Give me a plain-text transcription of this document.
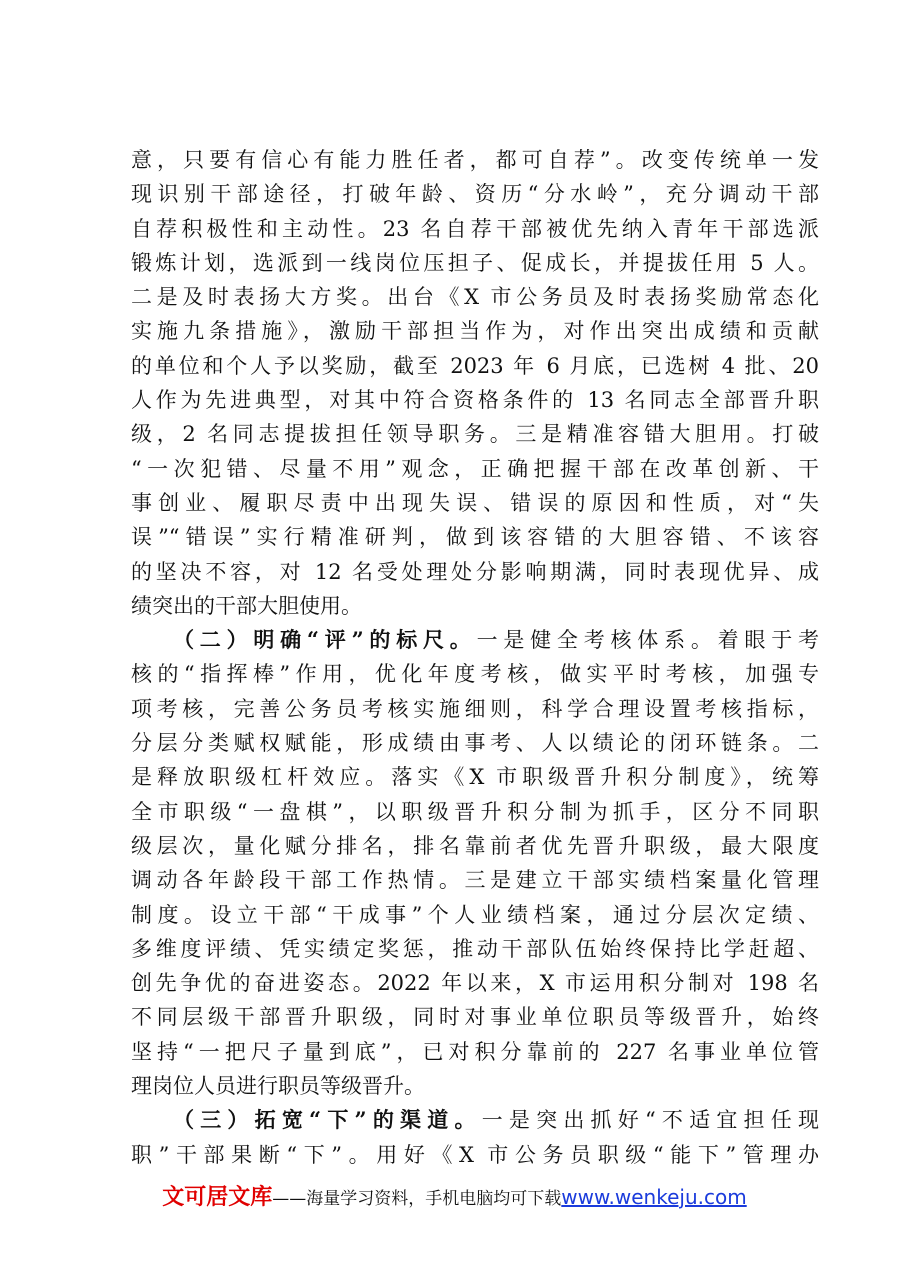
意，只要有信心有能力胜任者，都可自荐”。改变传统单一发
现识别干部途径，打破年龄、资历“分水岭”，充分调动干部
自荐积极性和主动性。23 名自荐干部被优先纳入青年干部选派
锻炼计划，选派到一线岗位压担子、促成长，并提拔任用 5 人。
二是及时表扬大方奖。出台《X 市公务员及时表扬奖励常态化
实施九条措施》，激励干部担当作为，对作出突出成绩和贡献
的单位和个人予以奖励，截至 2023 年 6 月底，已选树 4 批、20
人作为先进典型，对其中符合资格条件的 13 名同志全部晋升职
级，2 名同志提拔担任领导职务。三是精准容错大胆用。打破
“一次犯错、尽量不用”观念，正确把握干部在改革创新、干
事创业、履职尽责中出现失误、错误的原因和性质，对“失
误”“错误”实行精准研判，做到该容错的大胆容错、不该容
的坚决不容，对 12 名受处理处分影响期满，同时表现优异、成
绩突出的干部大胆使用。
（二）明确“评”的标尺。一是健全考核体系。着眼于考
核的“指挥棒”作用，优化年度考核，做实平时考核，加强专
项考核，完善公务员考核实施细则，科学合理设置考核指标，
分层分类赋权赋能，形成绩由事考、人以绩论的闭环链条。二
是释放职级杠杆效应。落实《X 市职级晋升积分制度》，统筹
全市职级“一盘棋”，以职级晋升积分制为抓手，区分不同职
级层次，量化赋分排名，排名靠前者优先晋升职级，最大限度
调动各年龄段干部工作热情。三是建立干部实绩档案量化管理
制度。设立干部“干成事”个人业绩档案，通过分层次定绩、
多维度评绩、凭实绩定奖惩，推动干部队伍始终保持比学赶超、
创先争优的奋进姿态。2022 年以来，X 市运用积分制对 198 名
不同层级干部晋升职级，同时对事业单位职员等级晋升，始终
坚持“一把尺子量到底”，已对积分靠前的 227 名事业单位管
理岗位人员进行职员等级晋升。
（三）拓宽“下”的渠道。一是突出抓好“不适宜担任现
职”干部果断“下”。用好《X 市公务员职级“能下”管理办
文可居文库——海量学习资料，手机电脑均可下载www.wenkeju.com
